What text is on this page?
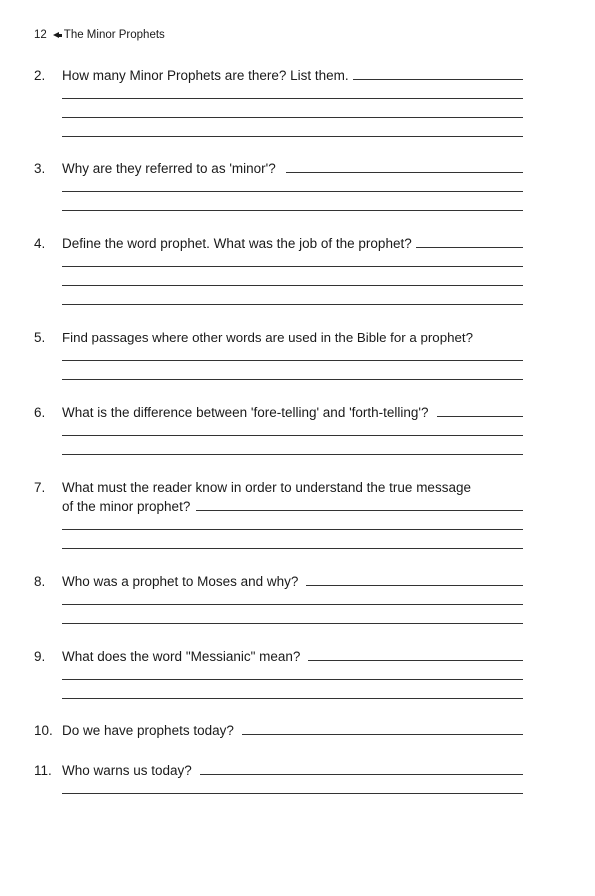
12 The Minor Prophets
2.	How many Minor Prophets are there? List them.
3.	Why are they referred to as 'minor'?
4.	Define the word prophet. What was the job of the prophet?
5.	Find passages where other words are used in the Bible for a prophet?
6.	What is the difference between 'fore-telling' and 'forth-telling'?
7.	What must the reader know in order to understand the true message
of the minor prophet?
8.	Who was a prophet to Moses and why?
9.	What does the word "Messianic" mean?
10. Do we have prophets today?
11. Who warns us today?
